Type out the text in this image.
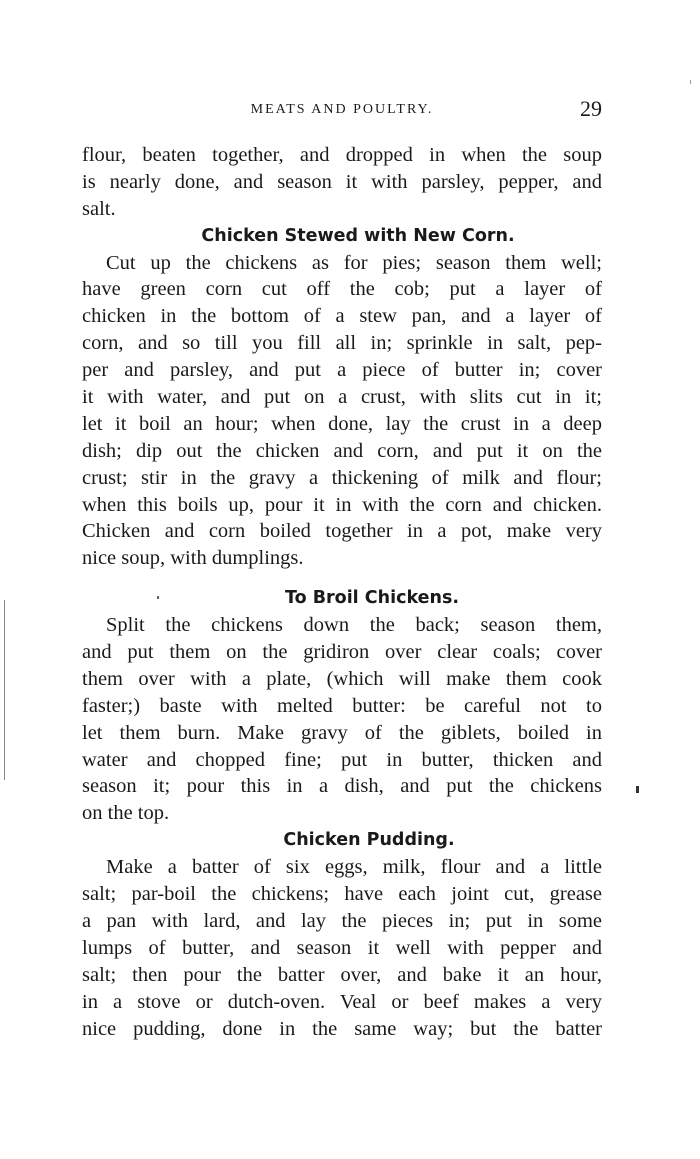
MEATS AND POULTRY.	29
flour, beaten together, and dropped in when the soup
is nearly done, and season it with parsley, pepper, and
salt.
Chicken Stewed with New Corn.
Cut up the chickens as for pies; season them well;
have green corn cut off the cob; put a layer of
chicken in the bottom of a stew pan, and a layer of
corn, and so till you fill all in; sprinkle in salt, pep-
per and parsley, and put a piece of butter in; cover
it with water, and put on a crust, with slits cut in it;
let it boil an hour; when done, lay the crust in a deep
dish; dip out the chicken and corn, and put it on the
crust; stir in the gravy a thickening of milk and flour;
when this boils up, pour it in with the corn and chicken.
Chicken and corn boiled together in a pot, make very
nice soup, with dumplings.
To Broil Chickens.
Split the chickens down the back; season them,
and put them on the gridiron over clear coals; cover
them over with a plate, (which will make them cook
faster;) baste with melted butter: be careful not to
let them burn. Make gravy of the giblets, boiled in
water and chopped fine; put in butter, thicken and
season it; pour this in a dish, and put the chickens
on the top.
Chicken Pudding.
Make a batter of six eggs, milk, flour and a little
salt; par-boil the chickens; have each joint cut, grease
a pan with lard, and lay the pieces in; put in some
lumps of butter, and season it well with pepper and
salt; then pour the batter over, and bake it an hour,
in a stove or dutch-oven. Veal or beef makes a very
nice pudding, done in the same way; but the batter
